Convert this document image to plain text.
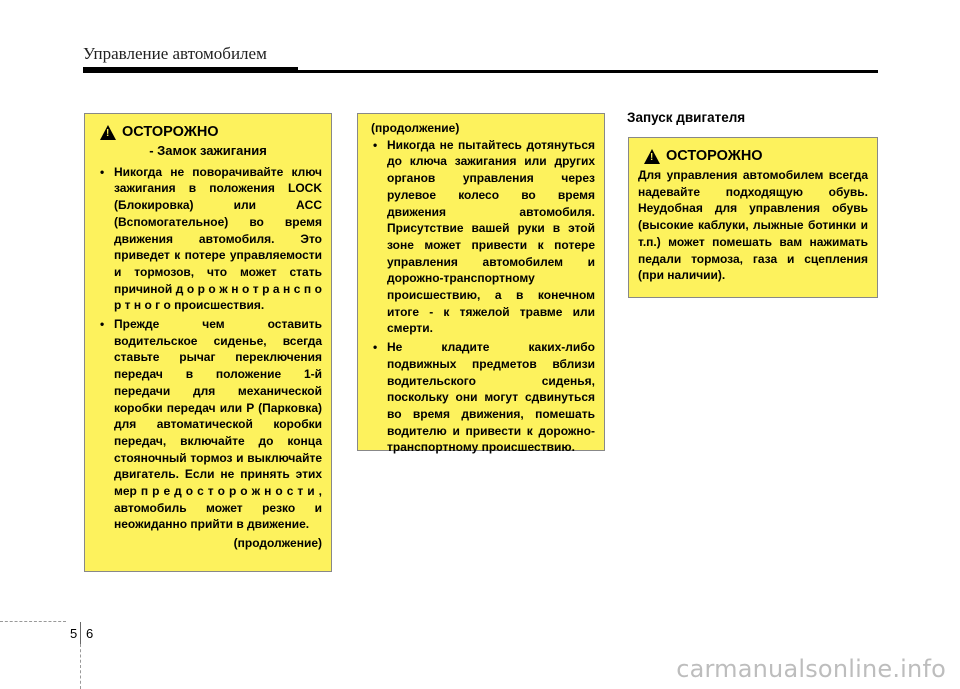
Управление автомобилем
! ОСТОРОЖНО
- Замок зажигания
• Никогда не поворачивайте ключ зажигания в положения LOCK (Блокировка) или ACC (Вспомогательное) во время движения автомобиля. Это приведет к потере управляемости и тормозов, что может стать причиной д о р о ж н о т р а н с п о р т н о г о происшествия.
• Прежде чем оставить водительское сиденье, всегда ставьте рычаг переключения передач в положение 1-й передачи для механической коробки передач или P (Парковка) для автоматической коробки передач, включайте до конца стояночный тормоз и выключайте двигатель. Если не принять этих мер п р е д о с т о р о ж н о с т и , автомобиль может резко и неожиданно прийти в движение.
(продолжение)
(продолжение)
• Никогда не пытайтесь дотянуться до ключа зажигания или других органов управления через рулевое колесо во время движения автомобиля. Присутствие вашей руки в этой зоне может привести к потере управления автомобилем и дорожно-транспортному происшествию, а в конечном итоге - к тяжелой травме или смерти.
• Не кладите каких-либо подвижных предметов вблизи водительского сиденья, поскольку они могут сдвинуться во время движения, помешать водителю и привести к дорожно-транспортному происшествию.
Запуск двигателя
! ОСТОРОЖНО
Для управления автомобилем всегда надевайте подходящую обувь. Неудобная для управления обувь (высокие каблуки, лыжные ботинки и т.п.) может помешать вам нажимать педали тормоза, газа и сцепления (при наличии).
5 6
carmanualsonline.info
